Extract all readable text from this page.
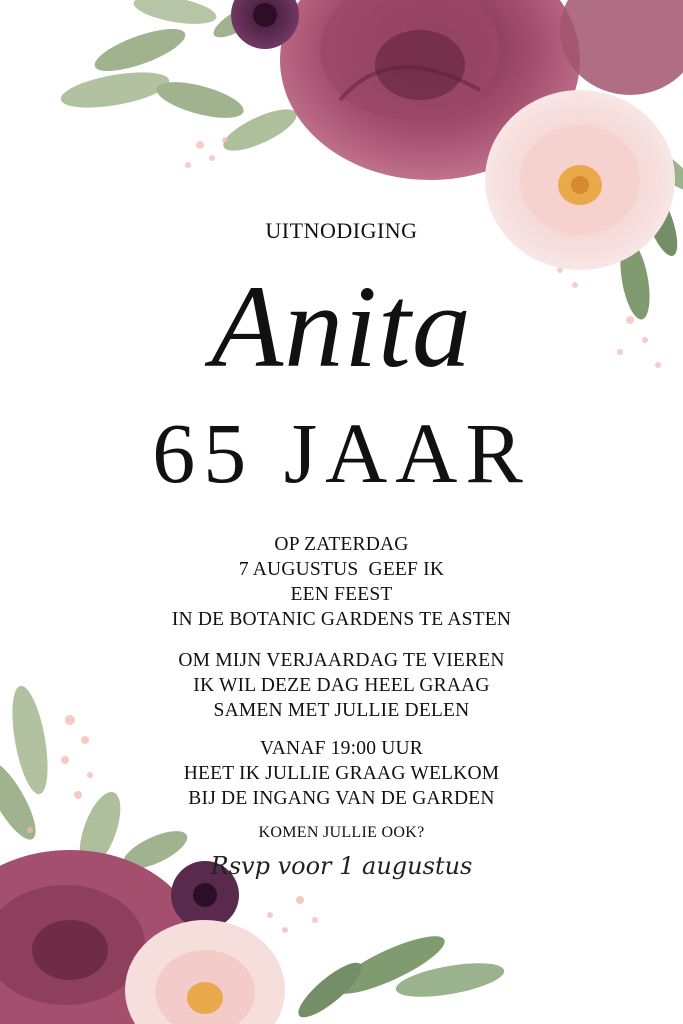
UITNODIGING
Anita
65 JAAR
OP ZATERDAG
7 AUGUSTUS  GEEF IK
EEN FEEST
IN DE BOTANIC GARDENS TE ASTEN
OM MIJN VERJAARDAG TE VIEREN
IK WIL DEZE DAG HEEL GRAAG
SAMEN MET JULLIE DELEN
VANAF 19:00 UUR
HEET IK JULLIE GRAAG WELKOM
BIJ DE INGANG VAN DE GARDEN
KOMEN JULLIE OOK?
Rsvp voor 1 augustus
